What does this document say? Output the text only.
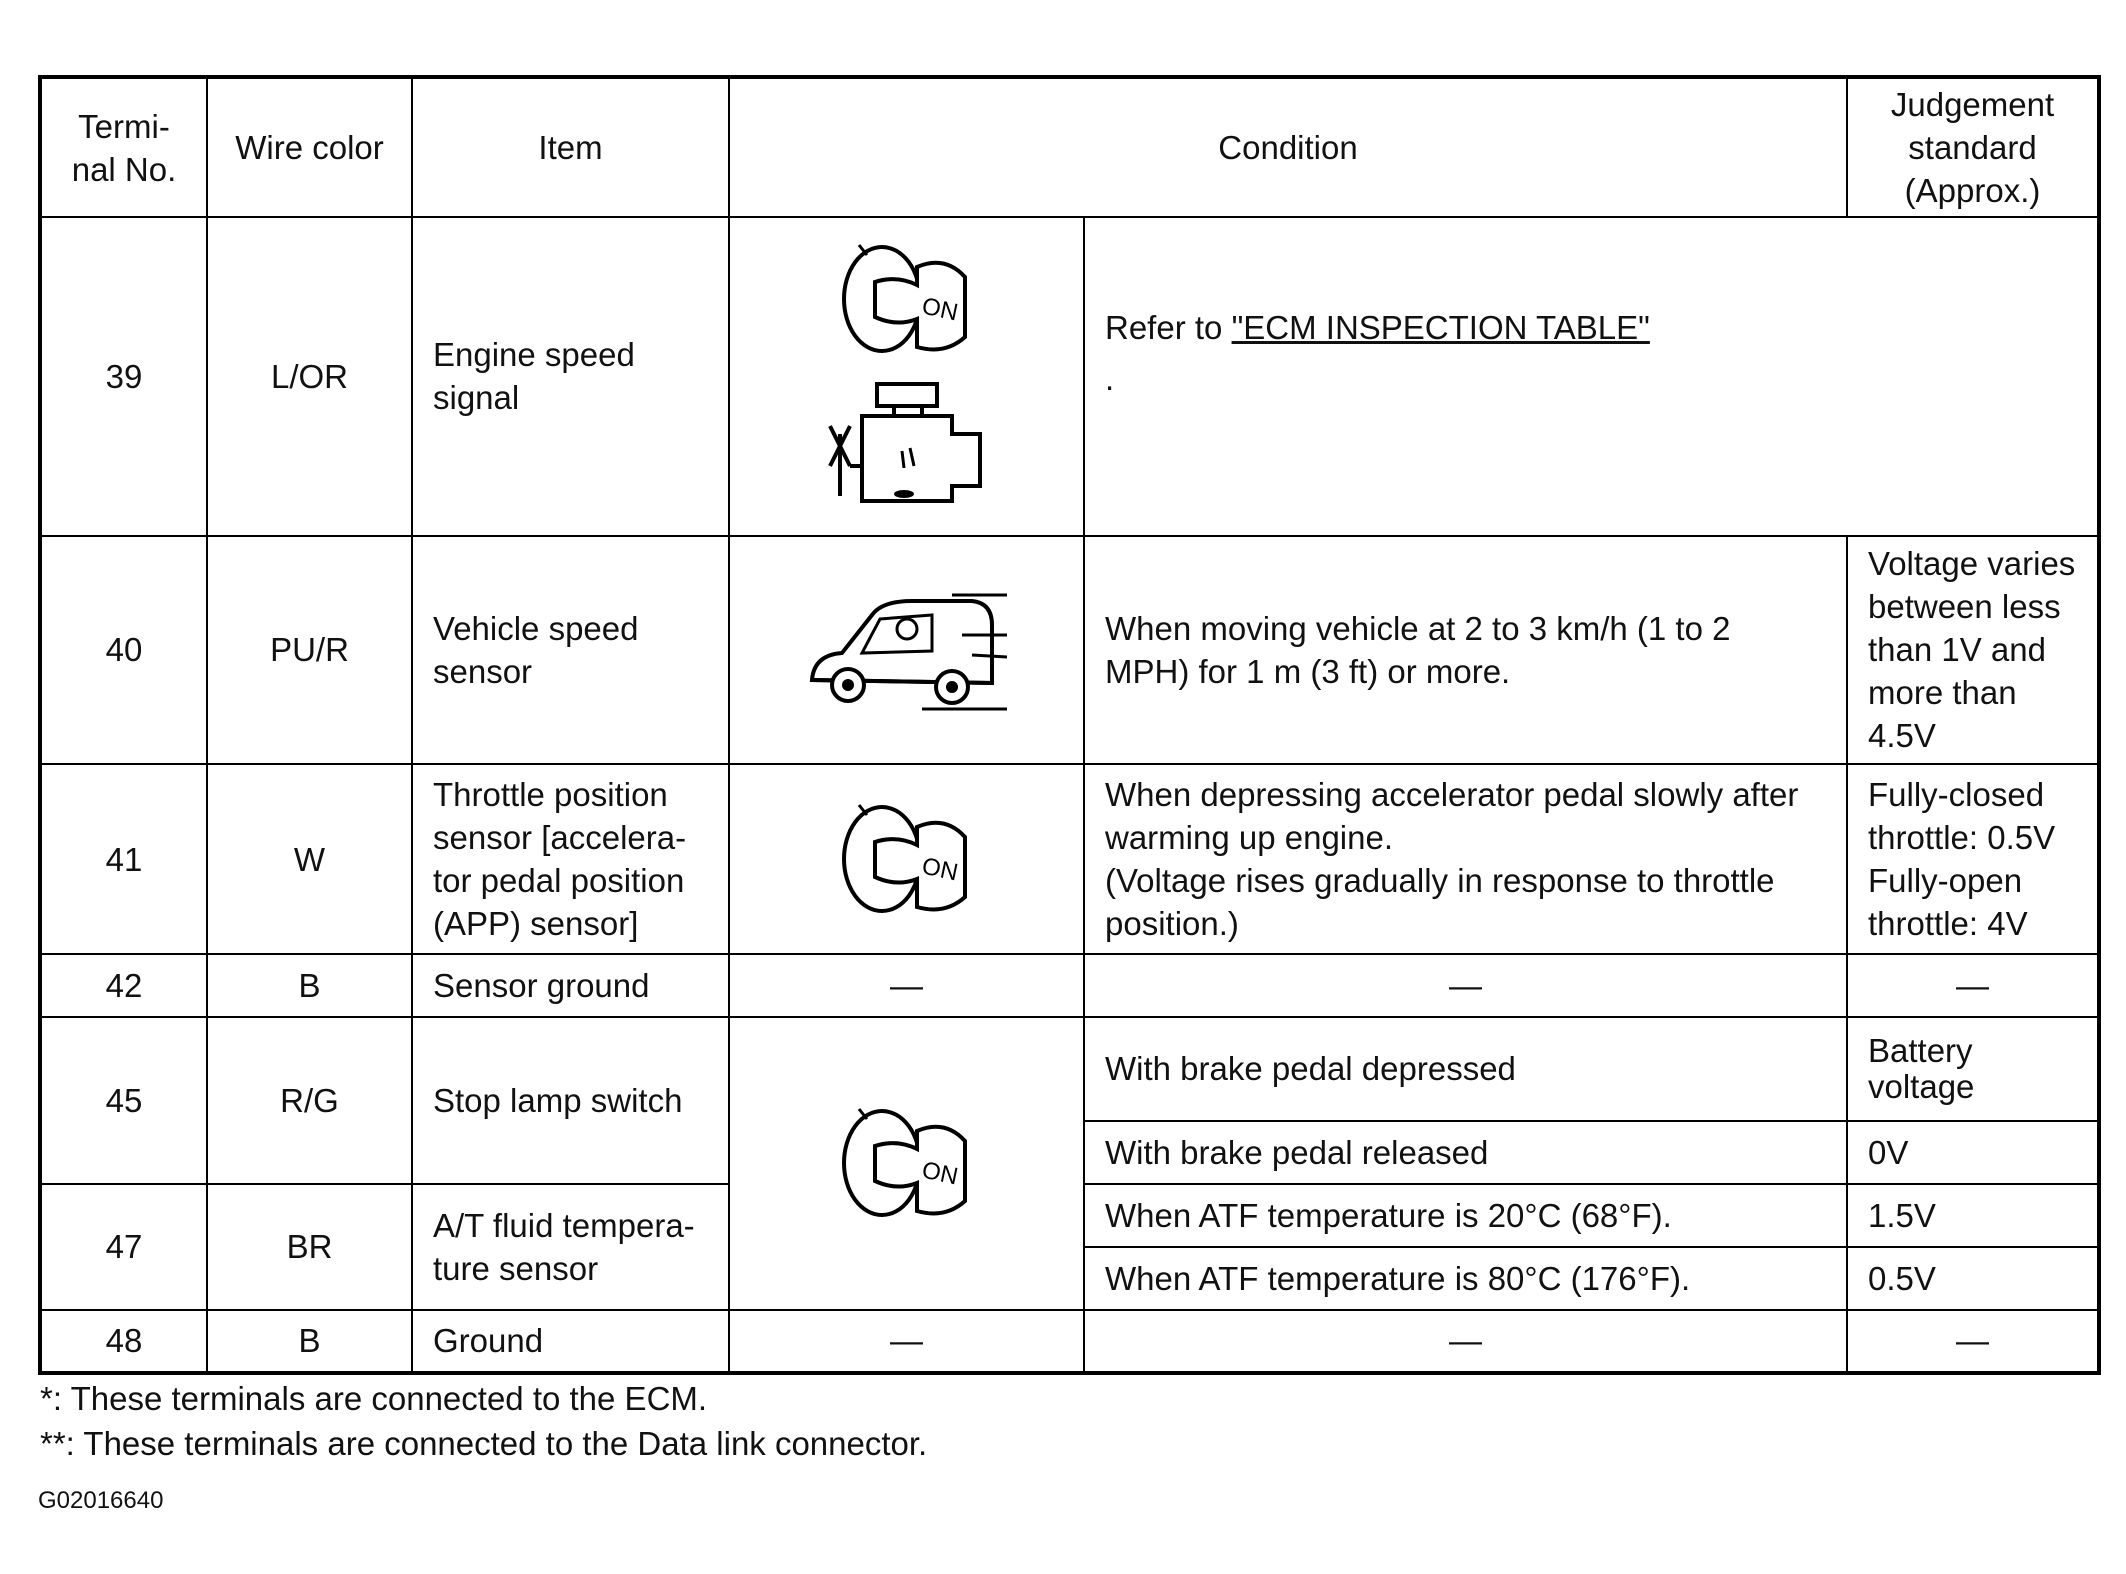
Termi-
nal No.	Wire color	Item	Condition		Judgement
standard
(Approx.)
39	L/OR	Engine speed
signal	ON	Refer to "ECM INSPECTION TABLE"
.	

40	PU/R	Vehicle speed
sensor		When moving vehicle at 2 to 3 km/h (1 to 2
MPH) for 1 m (3 ft) or more.	Voltage varies
between less
than 1V and
more than
4.5V
41	W	Throttle position
sensor [accelera-
tor pedal position
(APP) sensor]	ON	When depressing accelerator pedal slowly after
warming up engine.
(Voltage rises gradually in response to throttle
position.)	Fully-closed
throttle: 0.5V
Fully-open
throttle: 4V
42	B	Sensor ground	—	—	—
45	R/G	Stop lamp switch	ON	With brake pedal depressed	Battery
voltage
				With brake pedal released	0V
47	BR	A/T fluid tempera-
ture sensor		When ATF temperature is 20°C (68°F).	1.5V
				When ATF temperature is 80°C (176°F).	0.5V
48	B	Ground	—	—	—
*: These terminals are connected to the ECM.
**: These terminals are connected to the Data link connector.
G02016640
